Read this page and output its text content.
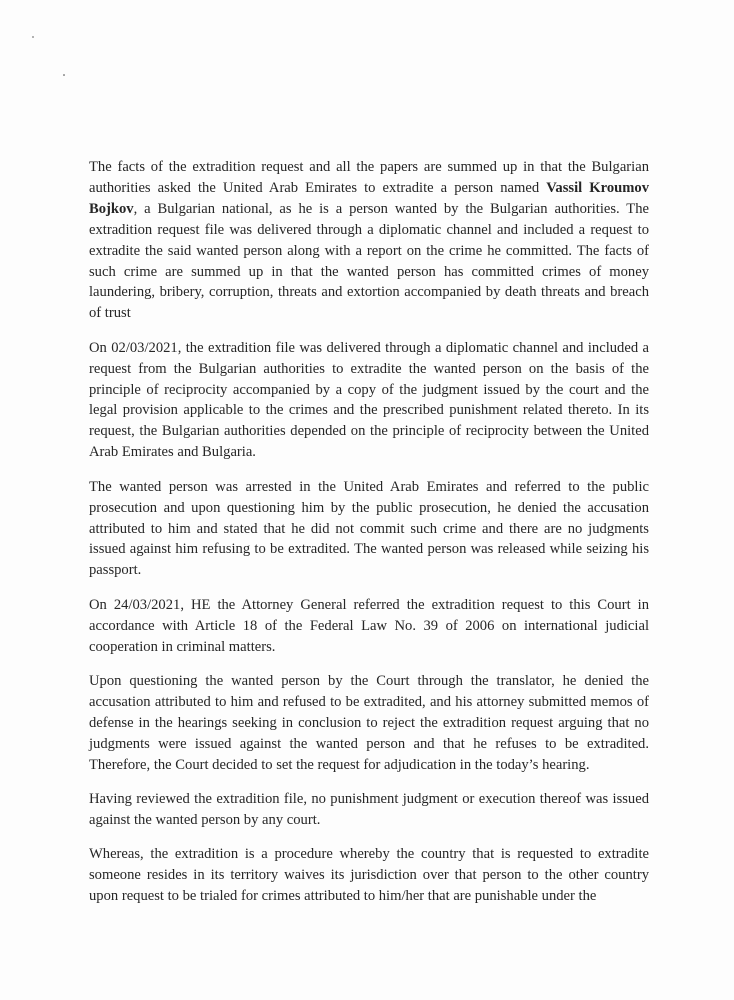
The facts of the extradition request and all the papers are summed up in that the Bulgarian authorities asked the United Arab Emirates to extradite a person named Vassil Kroumov Bojkov, a Bulgarian national, as he is a person wanted by the Bulgarian authorities. The extradition request file was delivered through a diplomatic channel and included a request to extradite the said wanted person along with a report on the crime he committed. The facts of such crime are summed up in that the wanted person has committed crimes of money laundering, bribery, corruption, threats and extortion accompanied by death threats and breach of trust

On 02/03/2021, the extradition file was delivered through a diplomatic channel and included a request from the Bulgarian authorities to extradite the wanted person on the basis of the principle of reciprocity accompanied by a copy of the judgment issued by the court and the legal provision applicable to the crimes and the prescribed punishment related thereto. In its request, the Bulgarian authorities depended on the principle of reciprocity between the United Arab Emirates and Bulgaria.

The wanted person was arrested in the United Arab Emirates and referred to the public prosecution and upon questioning him by the public prosecution, he denied the accusation attributed to him and stated that he did not commit such crime and there are no judgments issued against him refusing to be extradited. The wanted person was released while seizing his passport.

On 24/03/2021, HE the Attorney General referred the extradition request to this Court in accordance with Article 18 of the Federal Law No. 39 of 2006 on international judicial cooperation in criminal matters.

Upon questioning the wanted person by the Court through the translator, he denied the accusation attributed to him and refused to be extradited, and his attorney submitted memos of defense in the hearings seeking in conclusion to reject the extradition request arguing that no judgments were issued against the wanted person and that he refuses to be extradited. Therefore, the Court decided to set the request for adjudication in the today’s hearing.

Having reviewed the extradition file, no punishment judgment or execution thereof was issued against the wanted person by any court.

Whereas, the extradition is a procedure whereby the country that is requested to extradite someone resides in its territory waives its jurisdiction over that person to the other country upon request to be trialed for crimes attributed to him/her that are punishable under the
